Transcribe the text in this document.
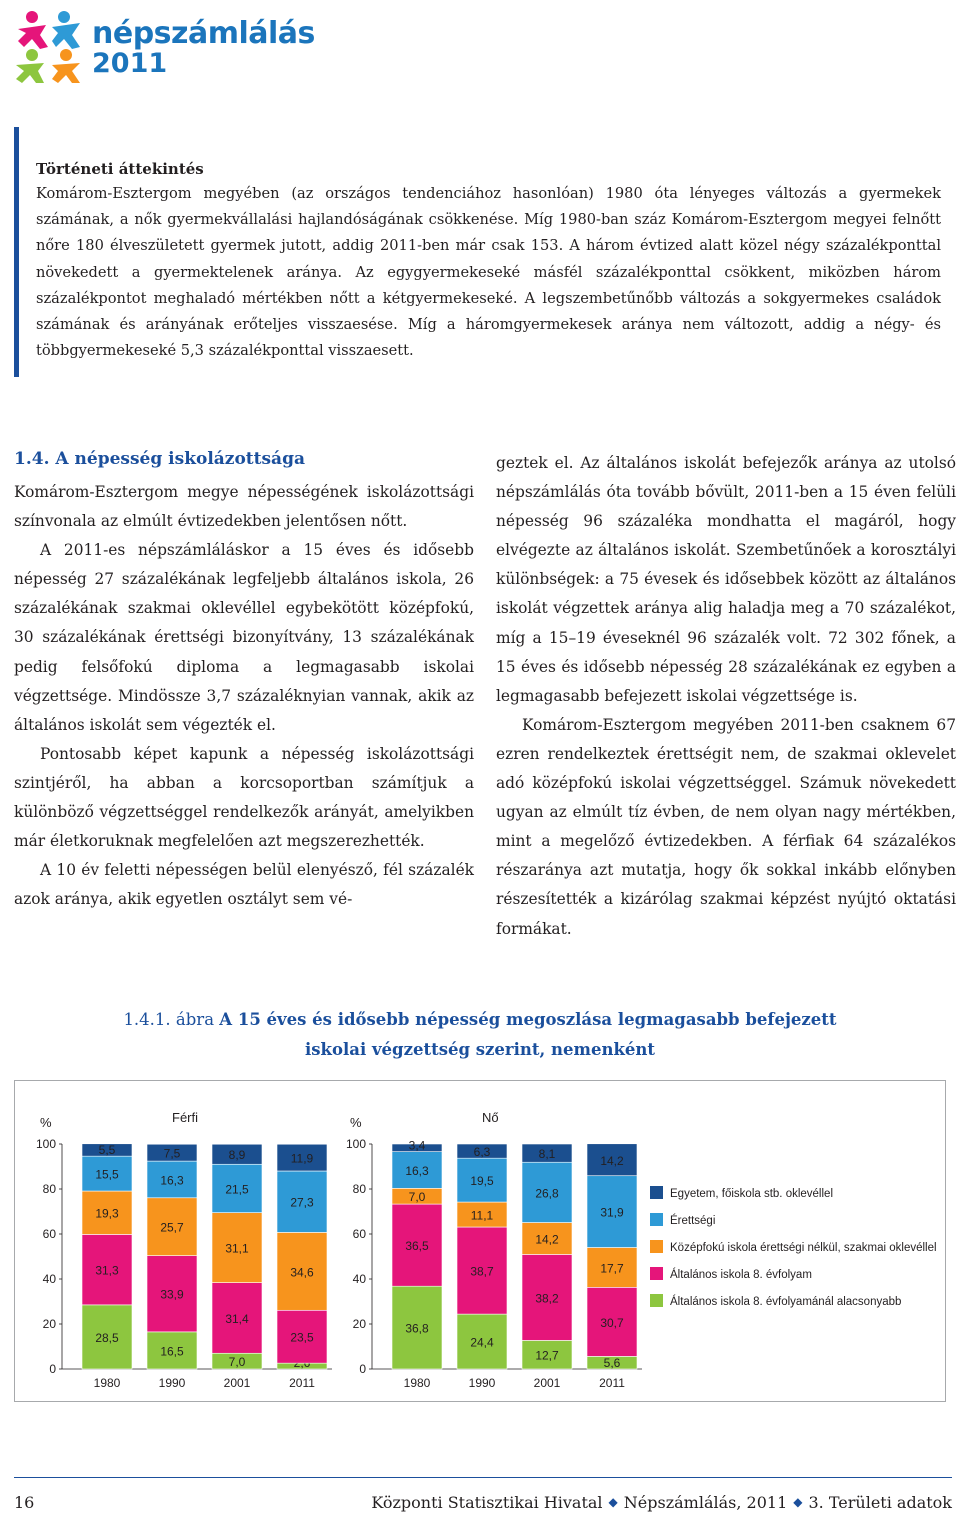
népszámlálás
2011
Történeti áttekintés
Komárom-Esztergom megyében (az országos tendenciához hasonlóan) 1980 óta lényeges változás a gyermekek számának, a nők gyermekvállalási hajlandóságának csökkenése. Míg 1980-ban száz Komárom-Esztergom megyei felnőtt nőre 180 élveszületett gyermek jutott, addig 2011-ben már csak 153. A három évtized alatt közel négy százalékponttal növekedett a gyermektelenek aránya. Az egygyermekeseké másfél százalékponttal csökkent, miközben három százalékpontot meghaladó mértékben nőtt a kétgyermekeseké. A legszembetűnőbb változás a sokgyermekes családok számának és arányának erőteljes visszaesése. Míg a háromgyermekesek aránya nem változott, addig a négy- és többgyermekeseké 5,3 százalékponttal visszaesett.
1.4. A népesség iskolázottsága

Komárom-Esztergom megye népességének iskolázottsági színvonala az elmúlt évtizedekben jelentősen nőtt.

A 2011-es népszámláláskor a 15 éves és idősebb népesség 27 százalékának legfeljebb általános iskola, 26 százalékának szakmai oklevéllel egybekötött középfokú, 30 százalékának érettségi bizonyítvány, 13 százalékának pedig felsőfokú diploma a legmagasabb iskolai végzettsége. Mindössze 3,7 százaléknyian vannak, akik az általános iskolát sem végezték el.

Pontosabb képet kapunk a népesség iskolázottsági szintjéről, ha abban a korcsoportban számítjuk a különböző végzettséggel rendelkezők arányát, amelyikben már életkoruknak megfelelően azt megszerezhették.

A 10 év feletti népességen belül elenyésző, fél százalék azok aránya, akik egyetlen osztályt sem vé-

geztek el. Az általános iskolát befejezők aránya az utolsó népszámlálás óta tovább bővült, 2011-ben a 15 éven felüli népesség 96 százaléka mondhatta el magáról, hogy elvégezte az általános iskolát. Szembetűnőek a korosztályi különbségek: a 75 évesek és idősebbek között az általános iskolát végzettek aránya alig haladja meg a 70 százalékot, míg a 15–19 éveseknél 96 százalék volt. 72 302 főnek, a 15 éves és idősebb népesség 28 százalékának ez egyben a legmagasabb befejezett iskolai végzettsége is.

Komárom-Esztergom megyében 2011-ben csaknem 67 ezren rendelkeztek érettségit nem, de szakmai oklevelet adó középfokú iskolai végzettséggel. Számuk növekedett ugyan az elmúlt tíz évben, de nem olyan nagy mértékben, mint a megelőző évtizedekben. A férfiak 64 százalékos részaránya azt mutatja, hogy ők sokkal inkább előnyben részesítették a kizárólag szakmai képzést nyújtó oktatási formákat.

1.4.1. ábra A 15 éves és idősebb népesség megoszlása legmagasabb befejezett
iskolai végzettség szerint, nemenként
%	Férfi
0
20
40
60
80
100
28,5
31,3
19,3
15,5
5,5
1980
16,5
33,9
25,7
16,3
7,5
1990
7,0
31,4
31,1
21,5
8,9
2001
23,5
34,6
27,3
11,9
2011
%	Nő
0
20
40
60
80
100
36,8
36,5
7,0
16,3
3,4
1980
24,4
38,7
11,1
19,5
6,3
1990
12,7
38,2
14,2
26,8
8,1
2001
5,6
30,7
17,7
31,9
14,2
2011
Egyetem, főiskola stb. oklevéllel
Érettségi
Középfokú iskola érettségi nélkül, szakmai oklevéllel
Általános iskola 8. évfolyam
Általános iskola 8. évfolyamánál alacsonyabb
16	Központi Statisztikai Hivatal ◆ Népszámlálás, 2011 ◆ 3. Területi adatok
